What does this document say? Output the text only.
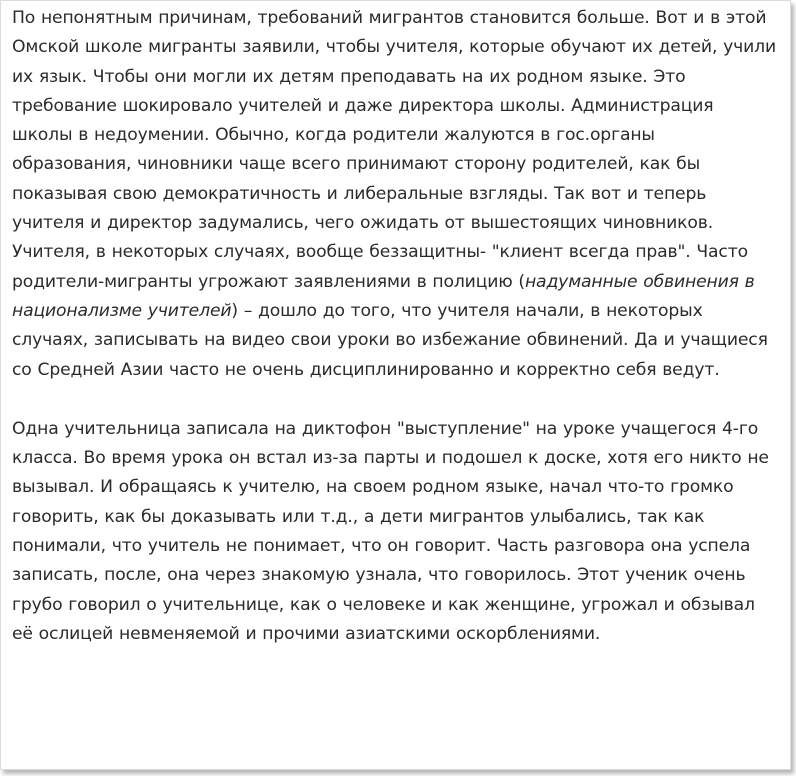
По непонятным причинам, требований мигрантов становится больше. Вот и в этой Омской школе мигранты заявили, чтобы учителя, которые обучают их детей, учили их язык. Чтобы они могли их детям преподавать на их родном языке. Это требование шокировало учителей и даже директора школы. Администрация школы в недоумении. Обычно, когда родители жалуются в гос.органы образования, чиновники чаще всего принимают сторону родителей, как бы показывая свою демократичность и либеральные взгляды. Так вот и теперь учителя и директор задумались, чего ожидать от вышестоящих чиновников. Учителя, в некоторых случаях, вообще беззащитны- "клиент всегда прав". Часто родители-мигранты угрожают заявлениями в полицию (надуманные обвинения в национализме учителей) – дошло до того, что учителя начали, в некоторых случаях, записывать на видео свои уроки во избежание обвинений. Да и учащиеся со Средней Азии часто не очень дисциплинированно и корректно себя ведут.

Одна учительница записала на диктофон "выступление" на уроке учащегося 4-го класса. Во время урока он встал из-за парты и подошел к доске, хотя его никто не вызывал. И обращаясь к учителю, на своем родном языке, начал что-то громко говорить, как бы доказывать или т.д., а дети мигрантов улыбались, так как понимали, что учитель не понимает, что он говорит. Часть разговора она успела записать, после, она через знакомую узнала, что говорилось. Этот ученик очень грубо говорил о учительнице, как о человеке и как женщине, угрожал и обзывал её ослицей невменяемой и прочими азиатскими оскорблениями.
